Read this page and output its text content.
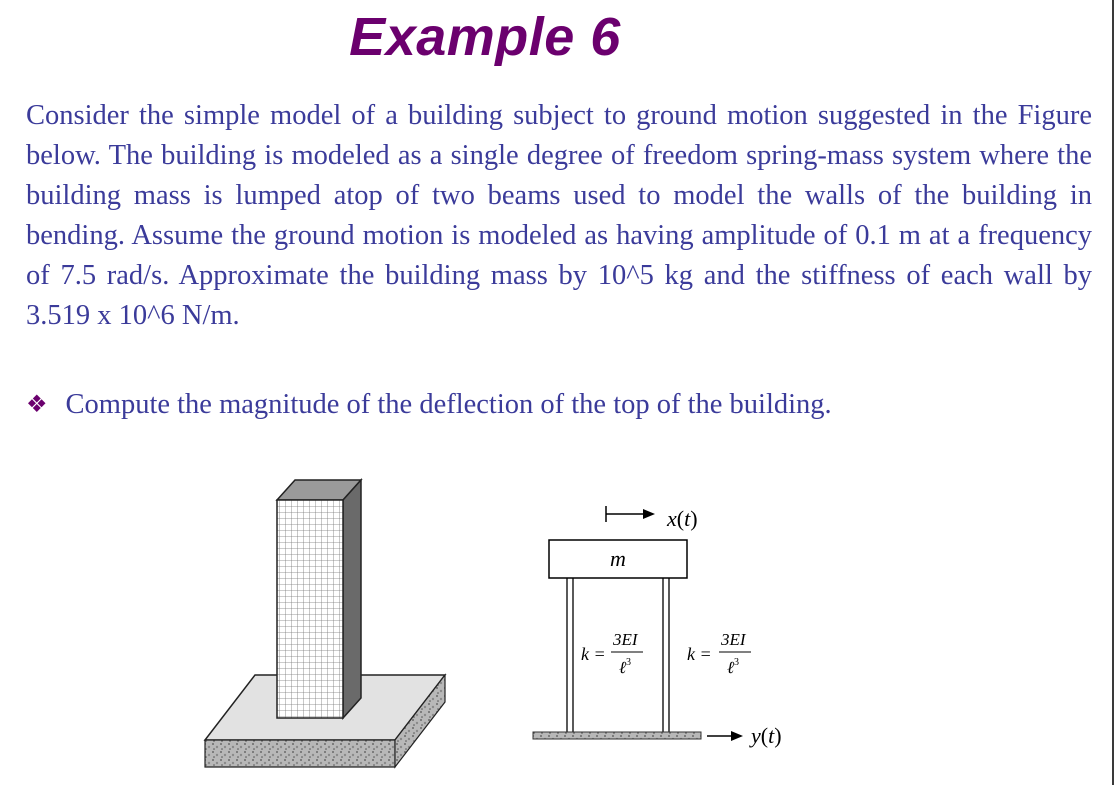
Example 6
Consider the simple model of a building subject to ground motion suggested in the Figure below. The building is modeled as a single degree of freedom spring-mass system where the building mass is lumped atop of two beams used to model the walls of the building in bending. Assume the ground motion is modeled as having amplitude of 0.1 m at a frequency of 7.5 rad/s. Approximate the building mass by 10^5 kg and the stiffness of each wall by 3.519 x 10^6 N/m.
❖ Compute the magnitude of the deflection of the top of the building.
x(t)
m
k =
3EI
ℓ 3	k =
3EI
ℓ 3
y(t)
